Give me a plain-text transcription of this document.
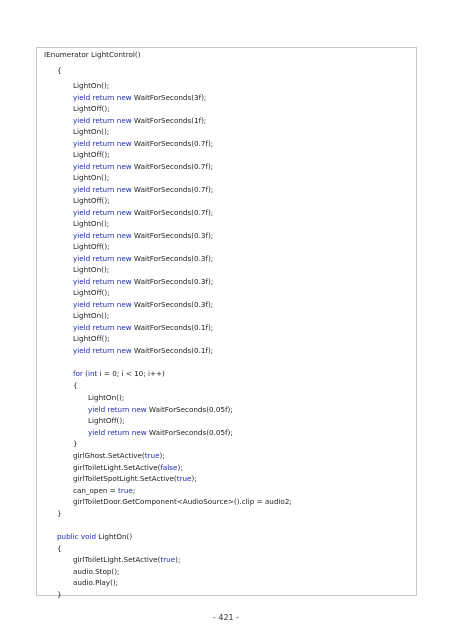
IEnumerator LightControl()
{
LightOn();
yield return new WaitForSeconds(3f);
LightOff();
yield return new WaitForSeconds(1f);
LightOn();
yield return new WaitForSeconds(0.7f);
LightOff();
yield return new WaitForSeconds(0.7f);
LightOn();
yield return new WaitForSeconds(0.7f);
LightOff();
yield return new WaitForSeconds(0.7f);
LightOn();
yield return new WaitForSeconds(0.3f);
LightOff();
yield return new WaitForSeconds(0.3f);
LightOn();
yield return new WaitForSeconds(0.3f);
LightOff();
yield return new WaitForSeconds(0.3f);
LightOn();
yield return new WaitForSeconds(0.1f);
LightOff();
yield return new WaitForSeconds(0.1f);
for (int i = 0; i < 10; i++)
{
LightOn();
yield return new WaitForSeconds(0.05f);
LightOff();
yield return new WaitForSeconds(0.05f);
}
girlGhost.SetActive(true);
girlToiletLight.SetActive(false);
girlToiletSpotLight.SetActive(true);
can_open = true;
girlToiletDoor.GetComponent<AudioSource>().clip = audio2;
}
public void LightOn()
{
girlToiletLight.SetActive(true);
audio.Stop();
audio.Play();
}
- 421 -
